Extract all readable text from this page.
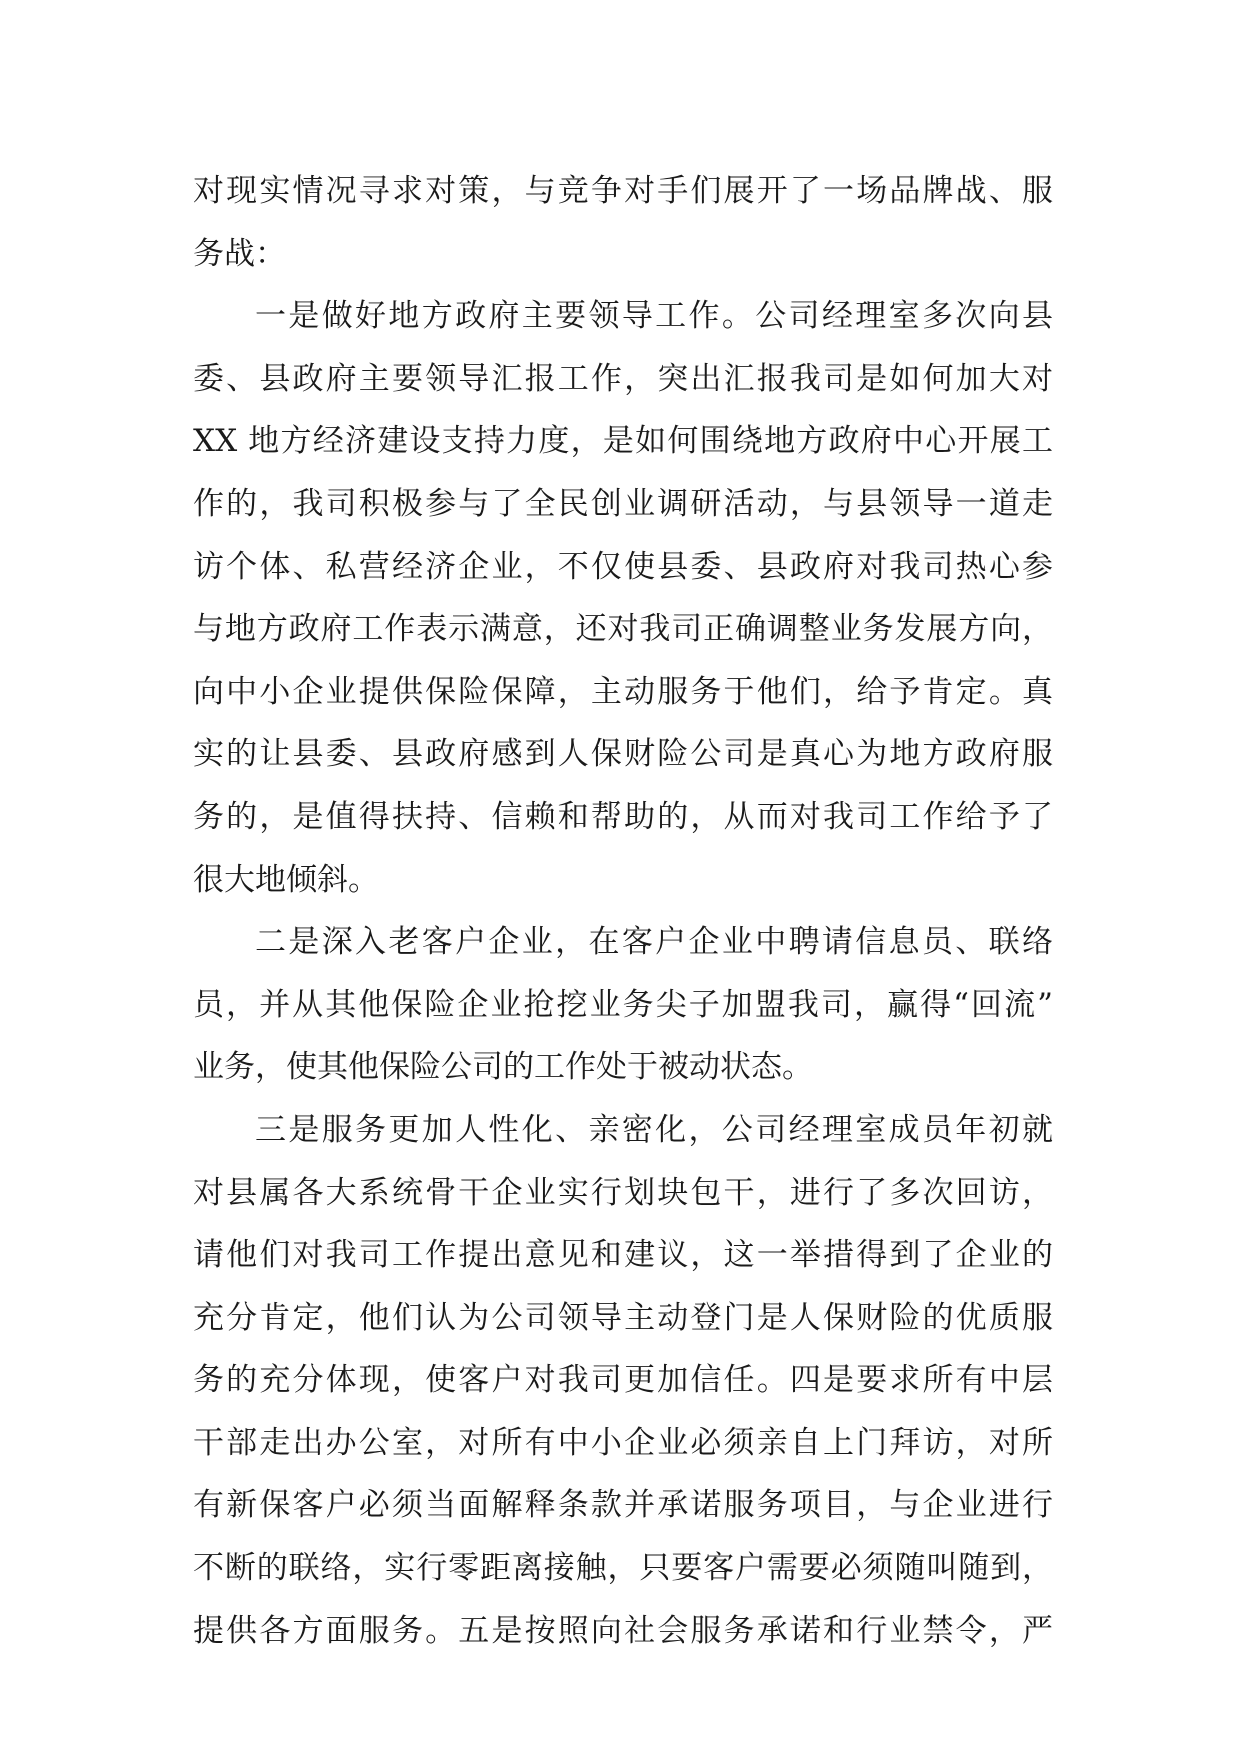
对现实情况寻求对策，与竞争对手们展开了一场品牌战、服
务战：
一是做好地方政府主要领导工作。公司经理室多次向县
委、县政府主要领导汇报工作，突出汇报我司是如何加大对
XX 地方经济建设支持力度，是如何围绕地方政府中心开展工
作的，我司积极参与了全民创业调研活动，与县领导一道走
访个体、私营经济企业，不仅使县委、县政府对我司热心参
与地方政府工作表示满意，还对我司正确调整业务发展方向，
向中小企业提供保险保障，主动服务于他们，给予肯定。真
实的让县委、县政府感到人保财险公司是真心为地方政府服
务的，是值得扶持、信赖和帮助的，从而对我司工作给予了
很大地倾斜。
二是深入老客户企业，在客户企业中聘请信息员、联络
员，并从其他保险企业抢挖业务尖子加盟我司，赢得“回流”
业务，使其他保险公司的工作处于被动状态。
三是服务更加人性化、亲密化，公司经理室成员年初就
对县属各大系统骨干企业实行划块包干，进行了多次回访，
请他们对我司工作提出意见和建议，这一举措得到了企业的
充分肯定，他们认为公司领导主动登门是人保财险的优质服
务的充分体现，使客户对我司更加信任。四是要求所有中层
干部走出办公室，对所有中小企业必须亲自上门拜访，对所
有新保客户必须当面解释条款并承诺服务项目，与企业进行
不断的联络，实行零距离接触，只要客户需要必须随叫随到，
提供各方面服务。五是按照向社会服务承诺和行业禁令，严
